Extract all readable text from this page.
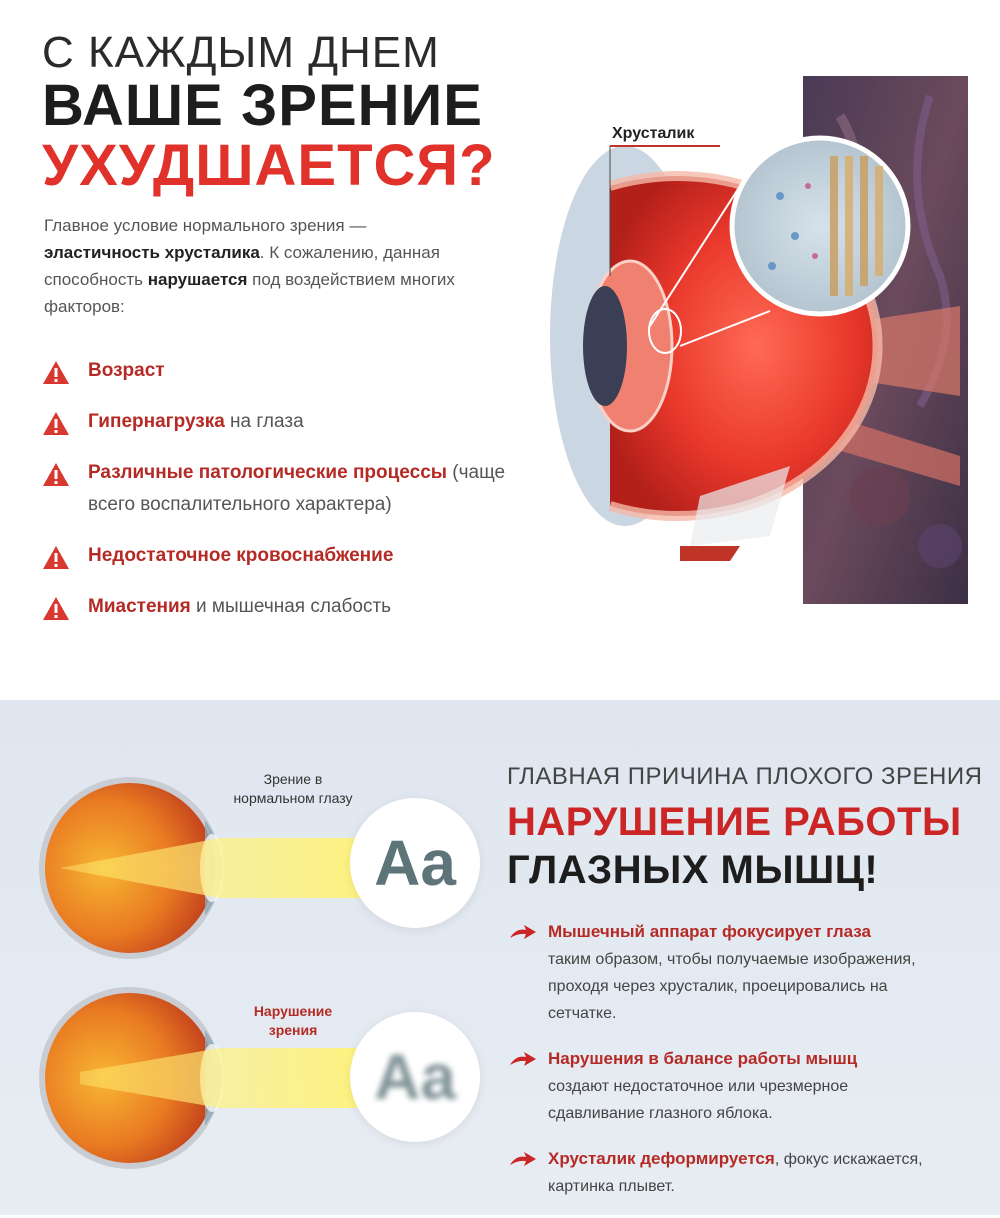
С КАЖДЫМ ДНЕМ
ВАШЕ ЗРЕНИЕ
УХУДШАЕТСЯ?
Главное условие нормального зрения —
эластичность хрусталика. К сожалению, данная способность нарушается под воздействием многих факторов:
Возраст
Гипернагрузка на глаза
Различные патологические процессы (чаще всего воспалительного характера)
Недостаточное кровоснабжение
Миастения и мышечная слабость
Хрусталик
Зрение в нормальном глазу
Нарушение зрения
Aa
Aa
ГЛАВНАЯ ПРИЧИНА ПЛОХОГО ЗРЕНИЯ
НАРУШЕНИЕ РАБОТЫ
ГЛАЗНЫХ МЫШЦ!
Мышечный аппарат фокусирует глаза
таким образом, чтобы получаемые изображения, проходя через хрусталик, проецировались на сетчатке.
Нарушения в балансе работы мышц
создают недостаточное или чрезмерное сдавливание глазного яблока.
Хрусталик деформируется, фокус искажается, картинка плывет.
